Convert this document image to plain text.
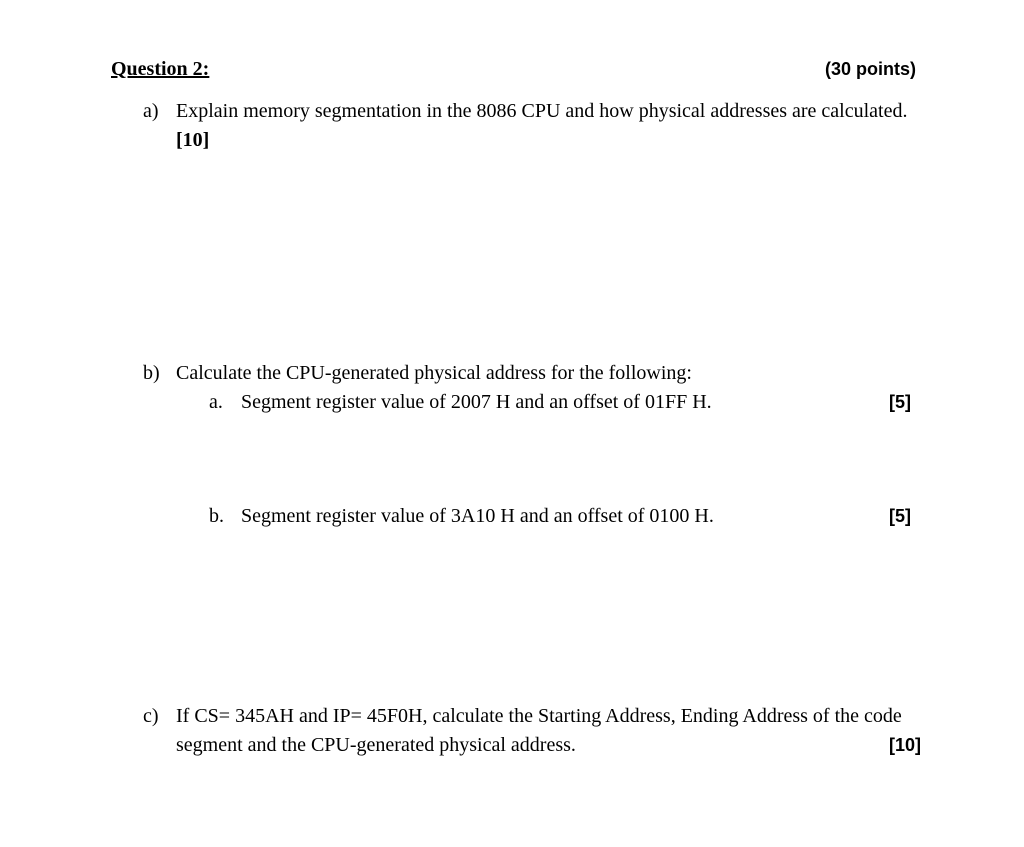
Question 2:	(30 points)
a) Explain memory segmentation in the 8086 CPU and how physical addresses are calculated.
[10]
b) Calculate the CPU-generated physical address for the following:
a. Segment register value of 2007 H and an offset of 01FF H.	[5]
b. Segment register value of 3A10 H and an offset of 0100 H.	[5]
c) If CS= 345AH and IP= 45F0H, calculate the Starting Address, Ending Address of the code
segment and the CPU-generated physical address.	[10]
